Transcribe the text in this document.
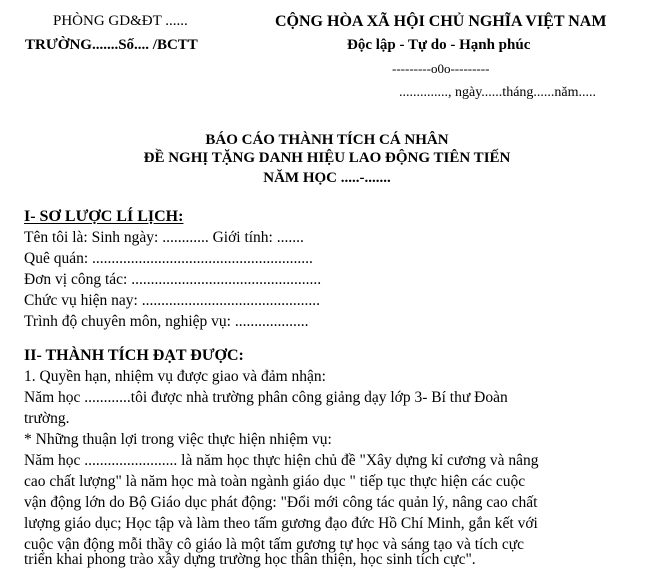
PHÒNG GD&ĐT ......
TRƯỜNG.......Số.... /BCTT
CỘNG HÒA XÃ HỘI CHỦ NGHĨA VIỆT NAM
Độc lập - Tự do - Hạnh phúc
---------o0o---------
.............., ngày......tháng......năm.....
BÁO CÁO THÀNH TÍCH CÁ NHÂN
ĐỀ NGHỊ TẶNG DANH HIỆU LAO ĐỘNG TIÊN TIẾN
NĂM HỌC .....-.......
I- SƠ LƯỢC LÍ LỊCH:
Tên tôi là: Sinh ngày: ............ Giới tính: .......
Quê quán: .........................................................
Đơn vị công tác: .................................................
Chức vụ hiện nay: ..............................................
Trình độ chuyên môn, nghiệp vụ: ...................
II- THÀNH TÍCH ĐẠT ĐƯỢC:
1. Quyền hạn, nhiệm vụ được giao và đảm nhận:
Năm học ............tôi được nhà trường phân công giảng dạy lớp 3- Bí thư Đoàn
trường.
* Những thuận lợi trong việc thực hiện nhiệm vụ:
Năm học ........................ là năm học thực hiện chủ đề "Xây dựng kỉ cương và nâng
cao chất lượng" là năm học mà toàn ngành giáo dục " tiếp tục thực hiện các cuộc
vận động lớn do Bộ Giáo dục phát động: "Đổi mới công tác quản lý, nâng cao chất
lượng giáo dục; Học tập và làm theo tấm gương đạo đức Hồ Chí Minh, gắn kết với
cuộc vận động mỗi thầy cô giáo là một tấm gương tự học và sáng tạo và tích cực
triển khai phong trào xây dựng trường học thân thiện, học sinh tích cực".
